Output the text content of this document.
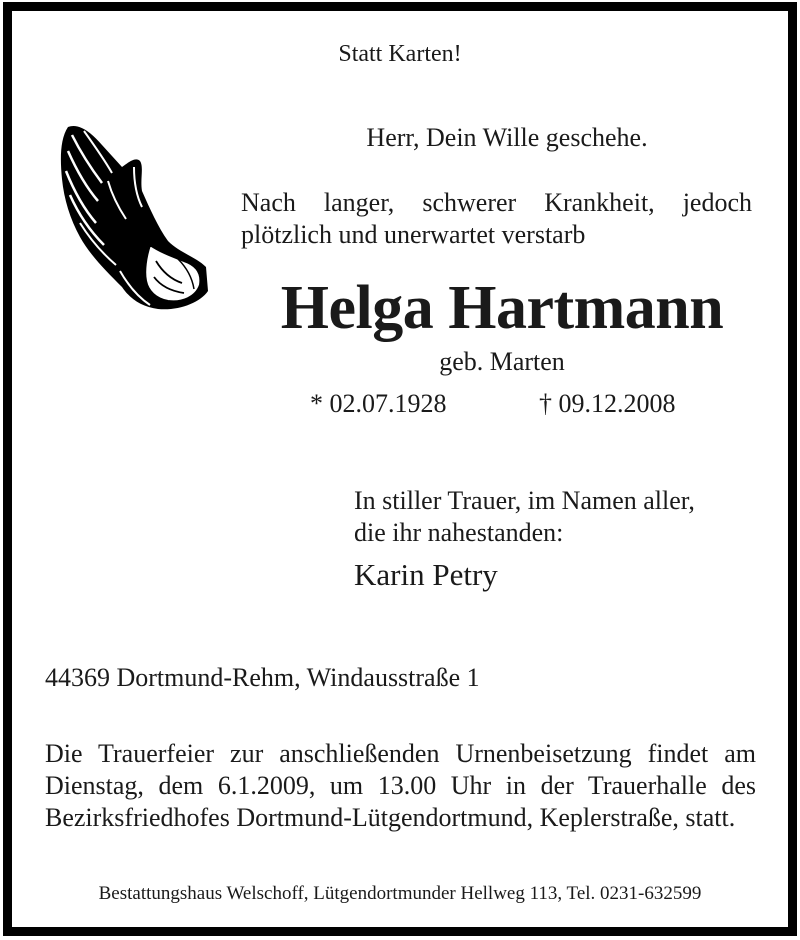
Statt Karten!
Herr, Dein Wille geschehe.
Nach langer, schwerer Krankheit, jedoch plötzlich und unerwartet verstarb
Helga Hartmann
geb. Marten
* 02.07.1928	† 09.12.2008
In stiller Trauer, im Namen aller,
die ihr nahestanden:
Karin Petry
44369 Dortmund-Rehm, Windausstraße 1
Die Trauerfeier zur anschließenden Urnenbeisetzung findet am Dienstag, dem 6.1.2009, um 13.00 Uhr in der Trauerhalle des Bezirksfriedhofes Dortmund-Lütgendortmund, Keplerstraße, statt.
Bestattungshaus Welschoff, Lütgendortmunder Hellweg 113, Tel. 0231-632599
